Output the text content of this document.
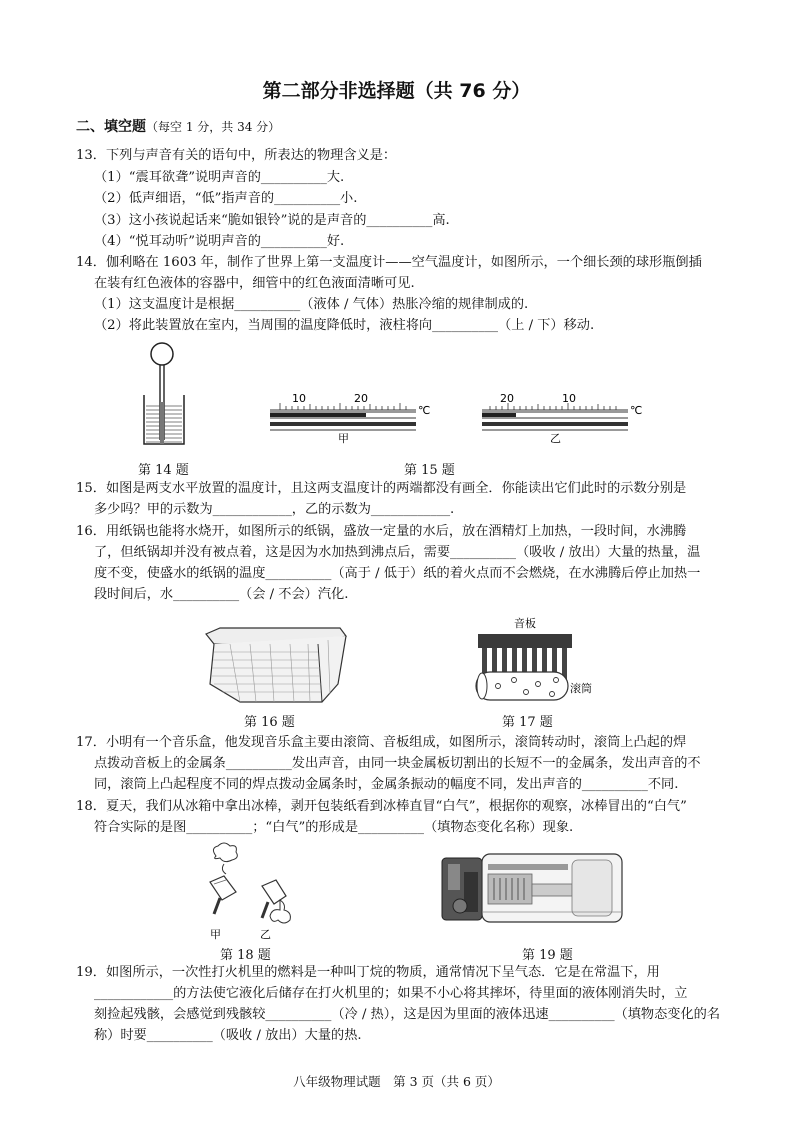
第二部分非选择题（共 76 分）
二、填空题（每空 1 分，共 34 分）
13．下列与声音有关的语句中，所表达的物理含义是：
（1）“震耳欲聋”说明声音的__________大.
（2）低声细语，“低”指声音的__________小.
（3）这小孩说起话来“脆如银铃”说的是声音的__________高.
（4）“悦耳动听”说明声音的__________好.
14．伽利略在 1603 年，制作了世界上第一支温度计——空气温度计，如图所示，一个细长颈的球形瓶倒插
在装有红色液体的容器中，细管中的红色液面清晰可见.
（1）这支温度计是根据__________（液体 / 气体）热胀冷缩的规律制成的.
（2）将此装置放在室内，当周围的温度降低时，液柱将向__________（上 / 下）移动.
10	20
℃
甲
20	10
℃
乙
第 14 题	第 15 题
15．如图是两支水平放置的温度计，且这两支温度计的两端都没有画全．你能读出它们此时的示数分别是
多少吗？甲的示数为____________，乙的示数为____________.
16．用纸锅也能将水烧开，如图所示的纸锅，盛放一定量的水后，放在酒精灯上加热，一段时间，水沸腾
了，但纸锅却并没有被点着，这是因为水加热到沸点后，需要__________（吸收 / 放出）大量的热量，温
度不变，使盛水的纸锅的温度__________（高于 / 低于）纸的着火点而不会燃烧，在水沸腾后停止加热一
段时间后，水__________（会 / 不会）汽化.
音板
滚筒
第 16 题	第 17 题
17．小明有一个音乐盒，他发现音乐盒主要由滚筒、音板组成，如图所示，滚筒转动时，滚筒上凸起的焊
点拨动音板上的金属条__________发出声音，由同一块金属板切割出的长短不一的金属条，发出声音的不
同，滚筒上凸起程度不同的焊点拨动金属条时，金属条振动的幅度不同，发出声音的__________不同.
18．夏天，我们从冰箱中拿出冰棒，剥开包装纸看到冰棒直冒“白气”，根据你的观察，冰棒冒出的“白气”
符合实际的是图__________；“白气”的形成是__________（填物态变化名称）现象.
甲	乙
第 18 题	第 19 题
19．如图所示，一次性打火机里的燃料是一种叫丁烷的物质，通常情况下呈气态．它是在常温下，用
____________的方法使它液化后储存在打火机里的；如果不小心将其摔坏，待里面的液体刚消失时，立
刻捡起残骸，会感觉到残骸较__________（冷 / 热），这是因为里面的液体迅速__________（填物态变化的名
称）时要__________（吸收 / 放出）大量的热.
八年级物理试题　第 3 页（共 6 页）
